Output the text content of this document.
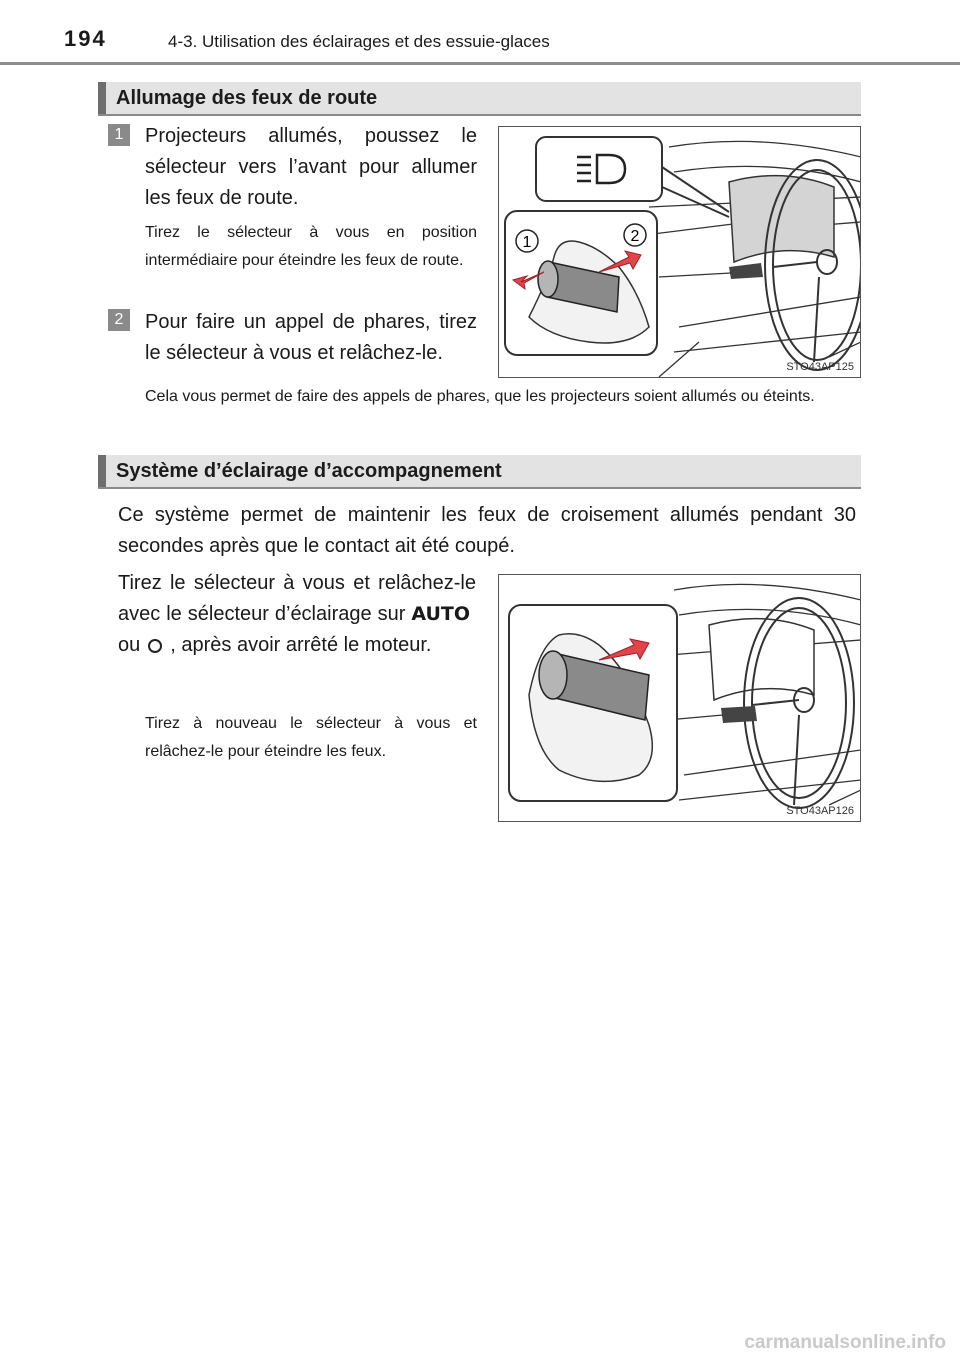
194	4-3. Utilisation des éclairages et des essuie-glaces
Allumage des feux de route
1	Projecteurs allumés, poussez le sélecteur vers l’avant pour allumer les feux de route.
Tirez le sélecteur à vous en position intermédiaire pour éteindre les feux de route.
2	Pour faire un appel de phares, tirez le sélecteur à vous et relâchez-le.
Cela vous permet de faire des appels de phares, que les projecteurs soient allumés ou éteints.
1	2
STO43AP125
Système d’éclairage d’accompagnement
Ce système permet de maintenir les feux de croisement allumés pendant 30 secondes après que le contact ait été coupé.
Tirez le sélecteur à vous et relâchez-le avec le sélecteur d’éclairage sur AUTOou , après avoir arrêté le moteur.
Tirez à nouveau le sélecteur à vous et relâchez-le pour éteindre les feux.
STO43AP126
carmanualsonline.info
